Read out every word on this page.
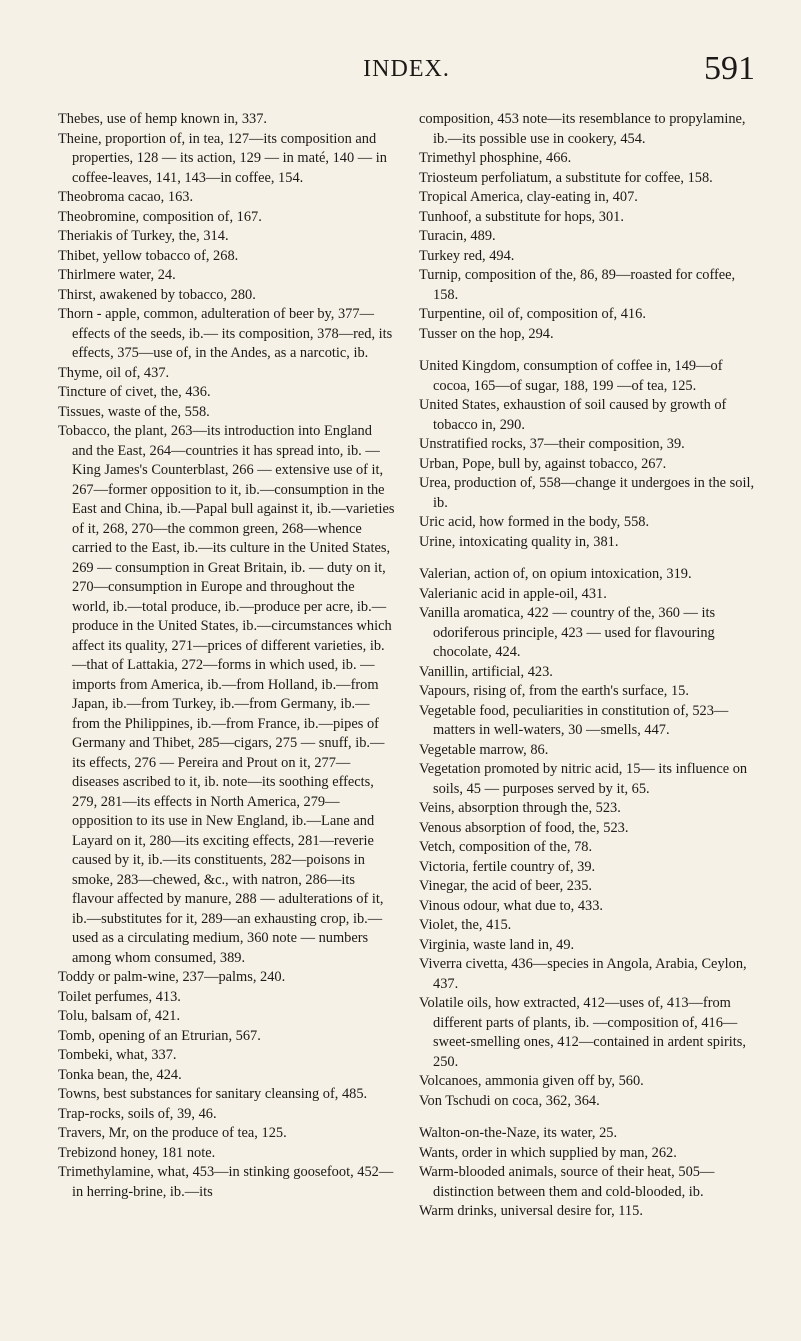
INDEX.	591

Thebes, use of hemp known in, 337.

Theine, proportion of, in tea, 127—its composition and properties, 128 — its action, 129 — in maté, 140 — in coffee-leaves, 141, 143—in coffee, 154.

Theobroma cacao, 163.

Theobromine, composition of, 167.

Theriakis of Turkey, the, 314.

Thibet, yellow tobacco of, 268.

Thirlmere water, 24.

Thirst, awakened by tobacco, 280.

Thorn - apple, common, adulteration of beer by, 377—effects of the seeds, ib.— its composition, 378—red, its effects, 375—use of, in the Andes, as a narcotic, ib.

Thyme, oil of, 437.

Tincture of civet, the, 436.

Tissues, waste of the, 558.

Tobacco, the plant, 263—its introduction into England and the East, 264—countries it has spread into, ib. — King James's Counterblast, 266 — extensive use of it, 267—former opposition to it, ib.—consumption in the East and China, ib.—Papal bull against it, ib.—varieties of it, 268, 270—the common green, 268—whence carried to the East, ib.—its culture in the United States, 269 — consumption in Great Britain, ib. — duty on it, 270—consumption in Europe and throughout the world, ib.—total produce, ib.—produce per acre, ib.—produce in the United States, ib.—circumstances which affect its quality, 271—prices of different varieties, ib.—that of Lattakia, 272—forms in which used, ib. —imports from America, ib.—from Holland, ib.—from Japan, ib.—from Turkey, ib.—from Germany, ib.—from the Philippines, ib.—from France, ib.—pipes of Germany and Thibet, 285—cigars, 275 — snuff, ib.—its effects, 276 — Pereira and Prout on it, 277—diseases ascribed to it, ib. note—its soothing effects, 279, 281—its effects in North America, 279—opposition to its use in New England, ib.—Lane and Layard on it, 280—its exciting effects, 281—reverie caused by it, ib.—its constituents, 282—poisons in smoke, 283—chewed, &c., with natron, 286—its flavour affected by manure, 288 — adulterations of it, ib.—substitutes for it, 289—an exhausting crop, ib.— used as a circulating medium, 360 note — numbers among whom consumed, 389.

Toddy or palm-wine, 237—palms, 240.

Toilet perfumes, 413.

Tolu, balsam of, 421.

Tomb, opening of an Etrurian, 567.

Tombeki, what, 337.

Tonka bean, the, 424.

Towns, best substances for sanitary cleansing of, 485.

Trap-rocks, soils of, 39, 46.

Travers, Mr, on the produce of tea, 125.

Trebizond honey, 181 note.

Trimethylamine, what, 453—in stinking goosefoot, 452—in herring-brine, ib.—its

composition, 453 note—its resemblance to propylamine, ib.—its possible use in cookery, 454.

Trimethyl phosphine, 466.

Triosteum perfoliatum, a substitute for coffee, 158.

Tropical America, clay-eating in, 407.

Tunhoof, a substitute for hops, 301.

Turacin, 489.

Turkey red, 494.

Turnip, composition of the, 86, 89—roasted for coffee, 158.

Turpentine, oil of, composition of, 416.

Tusser on the hop, 294.

United Kingdom, consumption of coffee in, 149—of cocoa, 165—of sugar, 188, 199 —of tea, 125.

United States, exhaustion of soil caused by growth of tobacco in, 290.

Unstratified rocks, 37—their composition, 39.

Urban, Pope, bull by, against tobacco, 267.

Urea, production of, 558—change it undergoes in the soil, ib.

Uric acid, how formed in the body, 558.

Urine, intoxicating quality in, 381.

Valerian, action of, on opium intoxication, 319.

Valerianic acid in apple-oil, 431.

Vanilla aromatica, 422 — country of the, 360 — its odoriferous principle, 423 — used for flavouring chocolate, 424.

Vanillin, artificial, 423.

Vapours, rising of, from the earth's surface, 15.

Vegetable food, peculiarities in constitution of, 523—matters in well-waters, 30 —smells, 447.

Vegetable marrow, 86.

Vegetation promoted by nitric acid, 15— its influence on soils, 45 — purposes served by it, 65.

Veins, absorption through the, 523.

Venous absorption of food, the, 523.

Vetch, composition of the, 78.

Victoria, fertile country of, 39.

Vinegar, the acid of beer, 235.

Vinous odour, what due to, 433.

Violet, the, 415.

Virginia, waste land in, 49.

Viverra civetta, 436—species in Angola, Arabia, Ceylon, 437.

Volatile oils, how extracted, 412—uses of, 413—from different parts of plants, ib. —composition of, 416—sweet-smelling ones, 412—contained in ardent spirits, 250.

Volcanoes, ammonia given off by, 560.

Von Tschudi on coca, 362, 364.

Walton-on-the-Naze, its water, 25.

Wants, order in which supplied by man, 262.

Warm-blooded animals, source of their heat, 505—distinction between them and cold-blooded, ib.

Warm drinks, universal desire for, 115.
